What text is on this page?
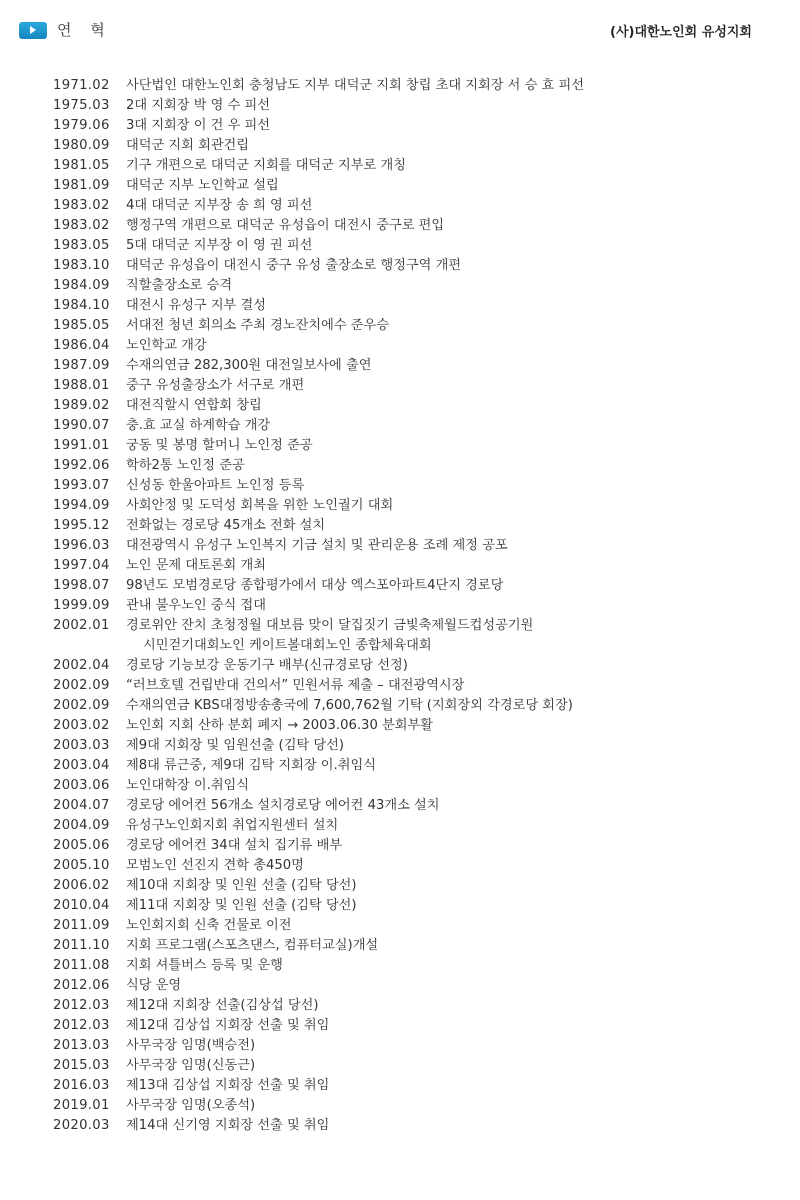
연 혁	(사)대한노인회 유성지회
1971.02	사단법인 대한노인회 충청남도 지부 대덕군 지회 창립 초대 지회장 서 승 효 피선
1975.03	2대 지회장 박 영 수 피선
1979.06	3대 지회장 이 건 우 피선
1980.09	대덕군 지회 회관건립
1981.05	기구 개편으로 대덕군 지회를 대덕군 지부로 개칭
1981.09	대덕군 지부 노인학교 설립
1983.02	4대 대덕군 지부장 송 희 영 피선
1983.02	행정구역 개편으로 대덕군 유성읍이 대전시 중구로 편입
1983.05	5대 대덕군 지부장 이 영 권 피선
1983.10	대덕군 유성읍이 대전시 중구 유성 출장소로 행정구역 개편
1984.09	직할출장소로 승격
1984.10	대전시 유성구 지부 결성
1985.05	서대전 청년 회의소 주최 경노잔치에수 준우승
1986.04	노인학교 개강
1987.09	수재의연금 282,300원 대전일보사에 출연
1988.01	중구 유성출장소가 서구로 개편
1989.02	대전직할시 연합회 창립
1990.07	충.효 교실 하계학습 개강
1991.01	궁동 및 봉명 할머니 노인정 준공
1992.06	학하2통 노인정 준공
1993.07	신성동 한울아파트 노인정 등록
1994.09	사회안정 및 도덕성 회복을 위한 노인궐기 대회
1995.12	전화없는 경로당 45개소 전화 설치
1996.03	대전광역시 유성구 노인복지 기금 설치 및 관리운용 조례 제정 공포
1997.04	노인 문제 대토론회 개최
1998.07	98년도 모범경로당 종합평가에서 대상 엑스포아파트4단지 경로당
1999.09	관내 불우노인 중식 접대
2002.01	경로위안 잔치 초청정월 대보름 맞이 달집짓기 금빛축제월드컵성공기원
시민걷기대회노인 케이트볼대회노인 종합체육대회
2002.04	경로당 기능보강 운동기구 배부(신규경로당 선정)
2002.09	“러브호텔 건립반대 건의서” 민원서류 제출 – 대전광역시장
2002.09	수재의연금 KBS대정방송총국에 7,600,762월 기탁 (지회장외 각경로당 회장)
2003.02	노인회 지회 산하 분회 폐지 → 2003.06.30 분회부활
2003.03	제9대 지회장 및 임원선출 (김탁 당선)
2003.04	제8대 류근중, 제9대 김탁 지회장 이.취임식
2003.06	노인대학장 이.취임식
2004.07	경로당 에어컨 56개소 설치경로당 에어컨 43개소 설치
2004.09	유성구노인회지회 취업지원센터 설치
2005.06	경로당 에어컨 34대 설치 집기류 배부
2005.10	모범노인 선진지 견학 총450명
2006.02	제10대 지회장 및 인원 선출 (김탁 당선)
2010.04	제11대 지회장 및 인원 선출 (김탁 당선)
2011.09	노인회지회 신축 건물로 이전
2011.10	지회 프로그램(스포츠댄스, 컴퓨터교실)개설
2011.08	지회 셔틀버스 등록 및 운행
2012.06	식당 운영
2012.03	제12대 지회장 선출(김상섭 당선)
2012.03	제12대 김상섭 지회장 선출 및 취임
2013.03	사무국장 임명(백승전)
2015.03	사무국장 임명(신동근)
2016.03	제13대 김상섭 지회장 선출 및 취임
2019.01	사무국장 임명(오종석)
2020.03	제14대 신기영 지회장 선출 및 취임
